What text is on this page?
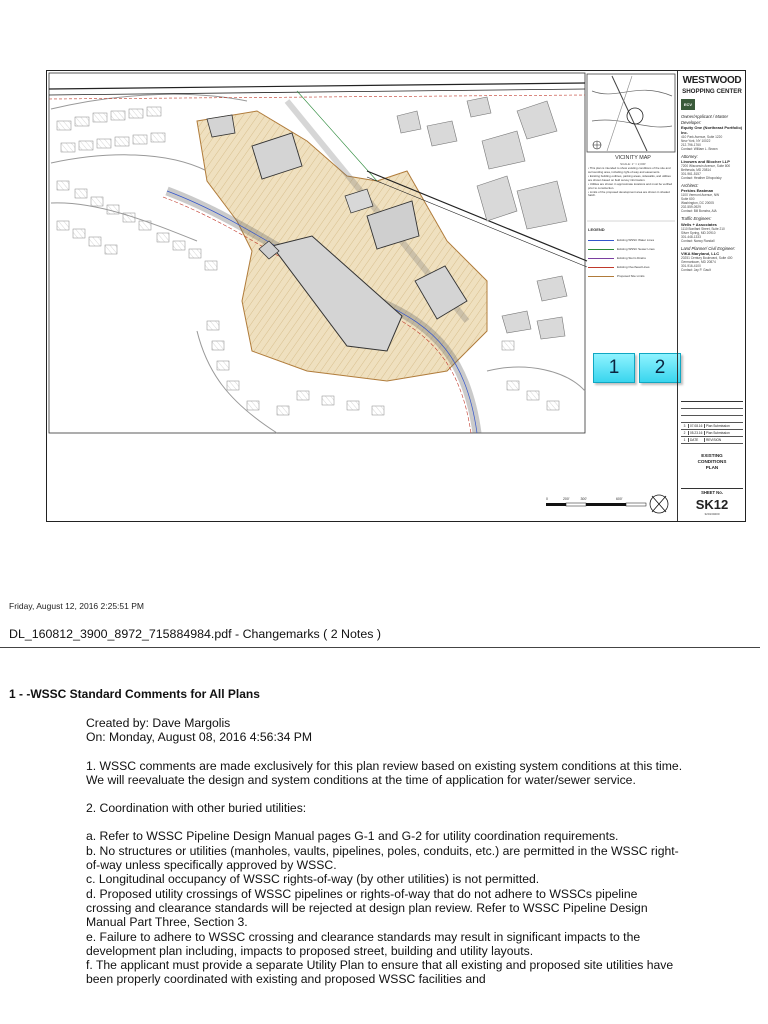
VICINITY MAP
SCALE: 1" = 2,000'
• This plan is intended to show existing conditions of the site and surrounding area, including right-of-way and easements.
• Existing building outlines, parking areas, sidewalks, and utilities are shown based on field survey information.
• Utilities are shown in approximate locations and must be verified prior to construction.
• Limits of the proposed development area are shown in shaded hatch.
LEGEND
Existing WSSC Water Lines
Existing WSSC Sewer Lines
Existing Storm Drains
Existing Overhead Lines
Proposed Site Limits
1	2
0	200'	300'	600'
WESTWOOD
SHOPPING CENTER
ECV
Owner/Applicant / Master Developer:
Equity One (Northeast Portfolio) Inc.
410 Park Avenue, Suite 1220
New York, NY 10022
212-796-1760
Contact: William L. Brown
Attorney:
Linowes and Blocher LLP
7200 Wisconsin Avenue, Suite 800
Bethesda, MD 20814
301-961-5157
Contact: Heather Dlhopolsky
Architect:
Perkins Eastman
1100 Vermont Avenue, NW
Suite 600
Washington, DC 20005
202-559-0929
Contact: Bill Bonstra, AIA
Traffic Engineer:
Wells + Associates
1110 Bonifant Street, Suite 210
Silver Spring, MD 20910
301-448-1333
Contact: Nancy Randall
Land Planner/ Civil Engineer:
VIKA Maryland, LLC
20251 Century Boulevard, Suite 400
Germantown, MD 20874
301-916-4100
Contact: Jay P. Gault
3	07.08.16	Plan Submission
2	05.23.16	Plan Submission
1	DATE	REVISION
EXISTING
CONDITIONS
PLAN
SHEET No.
SK12
320130200
Friday, August 12, 2016 2:25:51 PM
DL_160812_3900_8972_715884984.pdf - Changemarks ( 2 Notes )
1 - -WSSC Standard Comments for All Plans

Created by: Dave Margolis

On: Monday, August 08, 2016 4:56:34 PM

1. WSSC comments are made exclusively for this plan review based on existing system conditions at this time. We will reevaluate the design and system conditions at the time of application for water/sewer service.

2. Coordination with other buried utilities:

a. Refer to WSSC Pipeline Design Manual pages G-1 and G-2 for utility coordination requirements.

b. No structures or utilities (manholes, vaults, pipelines, poles, conduits, etc.) are permitted in the WSSC right-of-way unless specifically approved by WSSC.

c. Longitudinal occupancy of WSSC rights-of-way (by other utilities) is not permitted.

d. Proposed utility crossings of WSSC pipelines or rights-of-way that do not adhere to WSSCs pipeline crossing and clearance standards will be rejected at design plan review. Refer to WSSC Pipeline Design Manual Part Three, Section 3.

e. Failure to adhere to WSSC crossing and clearance standards may result in significant impacts to the development plan including, impacts to proposed street, building and utility layouts.

f. The applicant must provide a separate Utility Plan to ensure that all existing and proposed site utilities have been properly coordinated with existing and proposed WSSC facilities and
